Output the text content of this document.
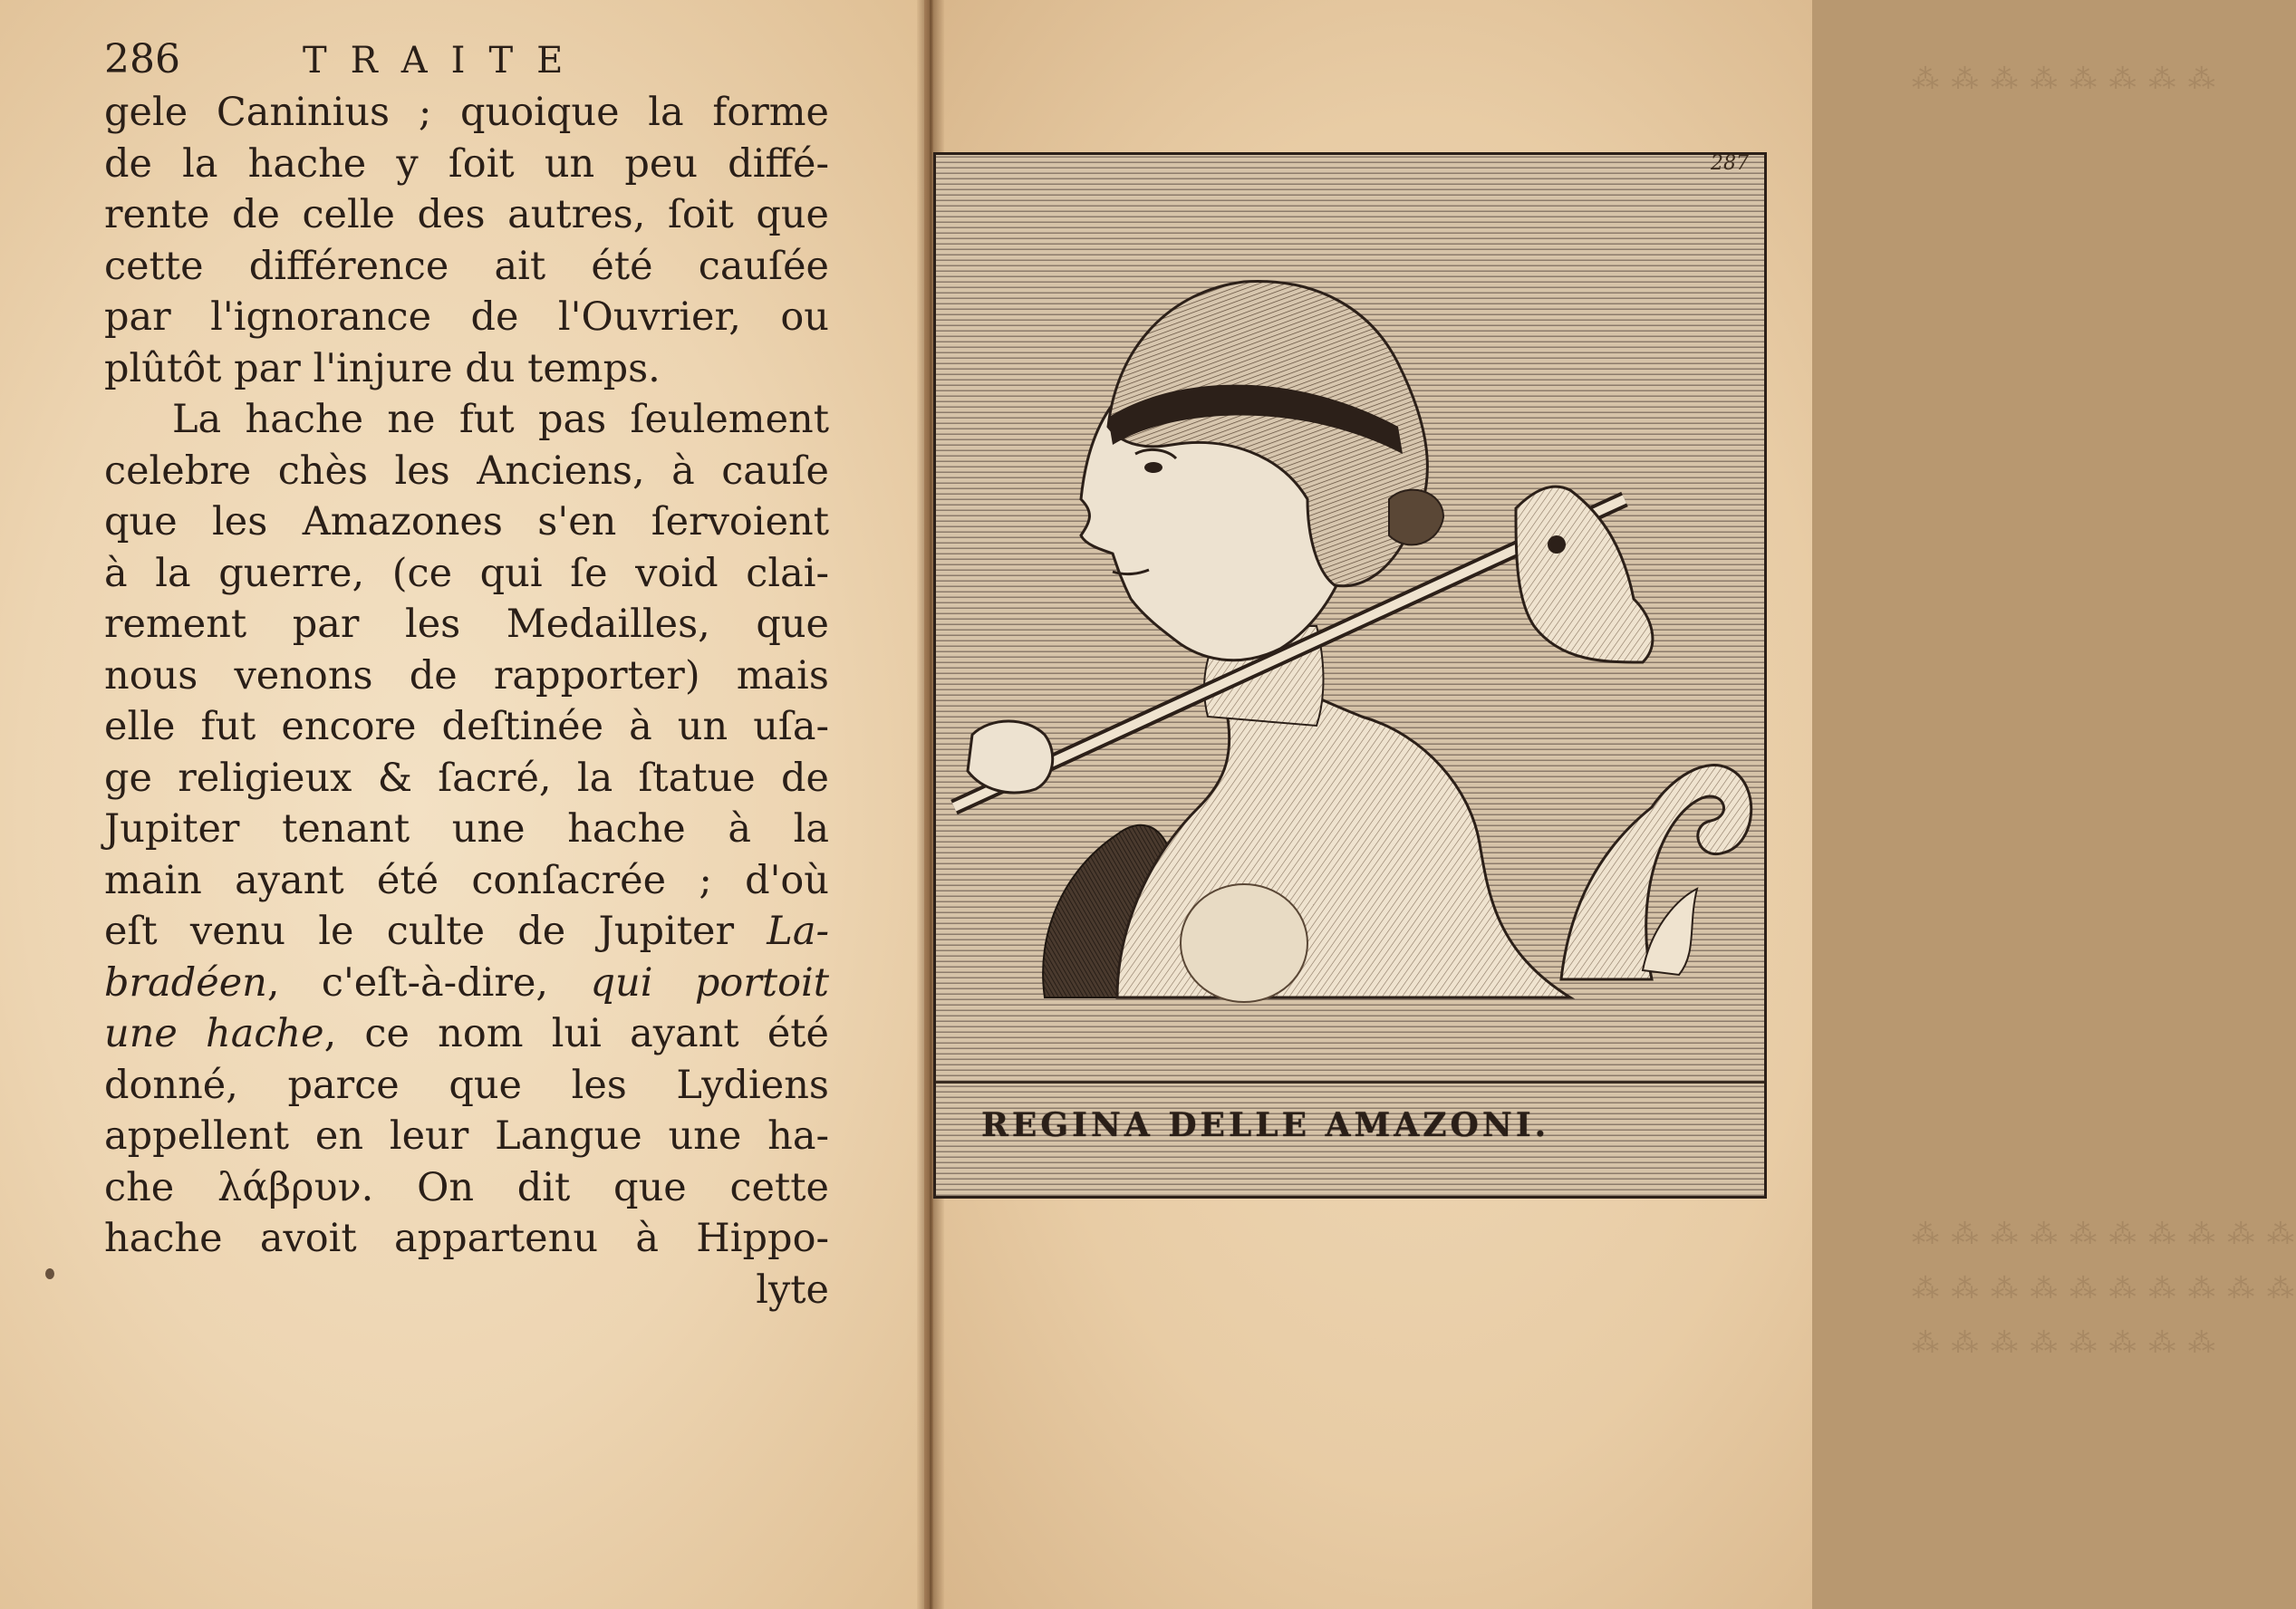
286	TRAITE
gele Caninius ; quoique la forme
de la hache y ſoit un peu diffé-
rente de celle des autres, ſoit que
cette différence ait été cauſée
par l'ignorance de l'Ouvrier, ou
plûtôt par l'injure du temps.
La hache ne fut pas ſeulement
celebre chès les Anciens, à cauſe
que les Amazones s'en ſervoient
à la guerre, (ce qui ſe void clai-
rement par les Medailles, que
nous venons de rapporter) mais
elle fut encore deſtinée à un uſa-
ge religieux & ſacré, la ſtatue de
Jupiter tenant une hache à la
main ayant été conſacrée ; d'où
eſt venu le culte de Jupiter La-
bradéen, c'eſt-à-dire, qui portoit
une hache, ce nom lui ayant été
donné, parce que les Lydiens
appellent en leur Langue une ha-
che λάβρυν. On dit que cette
hache avoit appartenu à Hippo-
lyte
⁂ ⁂ ⁂ ⁂ ⁂ ⁂ ⁂ ⁂
⁂ ⁂ ⁂ ⁂ ⁂ ⁂ ⁂ ⁂ ⁂ ⁂
⁂ ⁂ ⁂ ⁂ ⁂ ⁂ ⁂ ⁂ ⁂ ⁂
⁂ ⁂ ⁂ ⁂ ⁂ ⁂ ⁂ ⁂
REGINA DELLE AMAZONI.
287
